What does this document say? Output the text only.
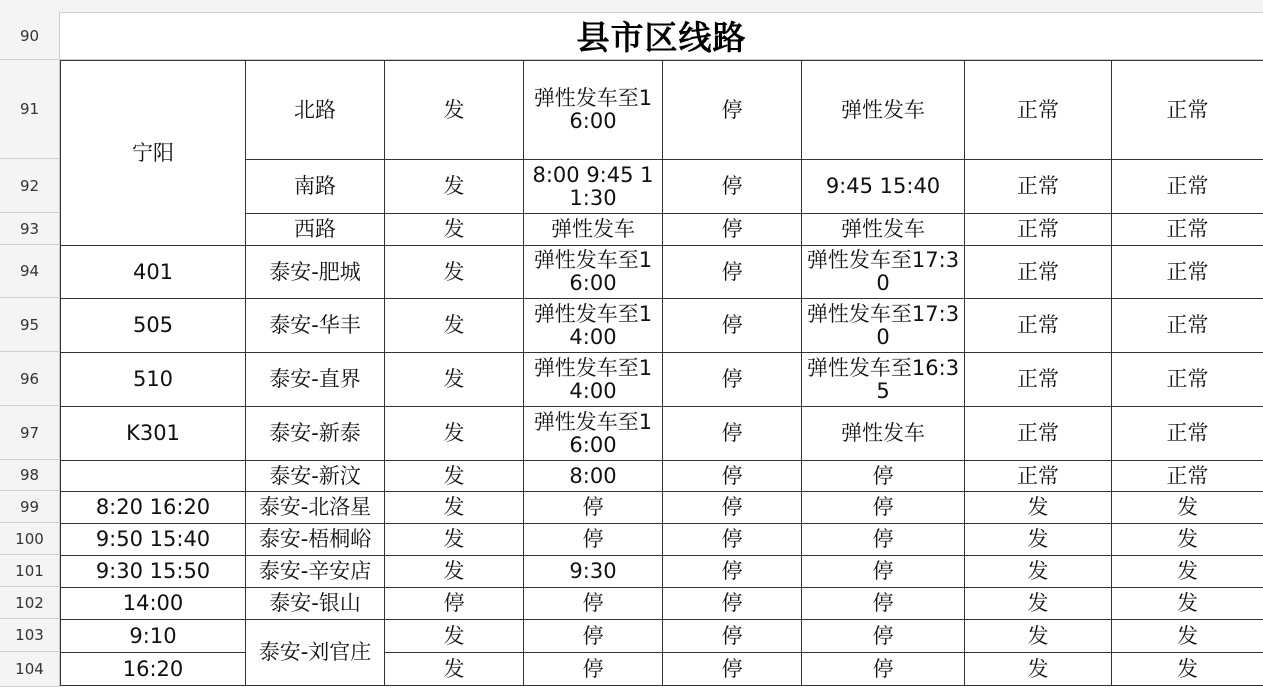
90
91
92
93
94
95
96
97
98
99
100
101
102
103
104
县市区线路
宁阳	北路	发	弹性发车至16:00	停	弹性发车	正常	正常
	南路	发	8:00 9:45 11:30	停	9:45 15:40	正常	正常
	西路	发	弹性发车	停	弹性发车	正常	正常
401	泰安-肥城	发	弹性发车至16:00	停	弹性发车至17:30	正常	正常
505	泰安-华丰	发	弹性发车至14:00	停	弹性发车至17:30	正常	正常
510	泰安-直界	发	弹性发车至14:00	停	弹性发车至16:35	正常	正常
K301	泰安-新泰	发	弹性发车至16:00	停	弹性发车	正常	正常
	泰安-新汶	发	8:00	停	停	正常	正常
8:20 16:20	泰安-北洛星	发	停	停	停	发	发
9:50 15:40	泰安-梧桐峪	发	停	停	停	发	发
9:30 15:50	泰安-辛安店	发	9:30	停	停	发	发
14:00	泰安-银山	停	停	停	停	发	发
9:10	泰安-刘官庄	发	停	停	停	发	发
16:20		发	停	停	停	发	发
